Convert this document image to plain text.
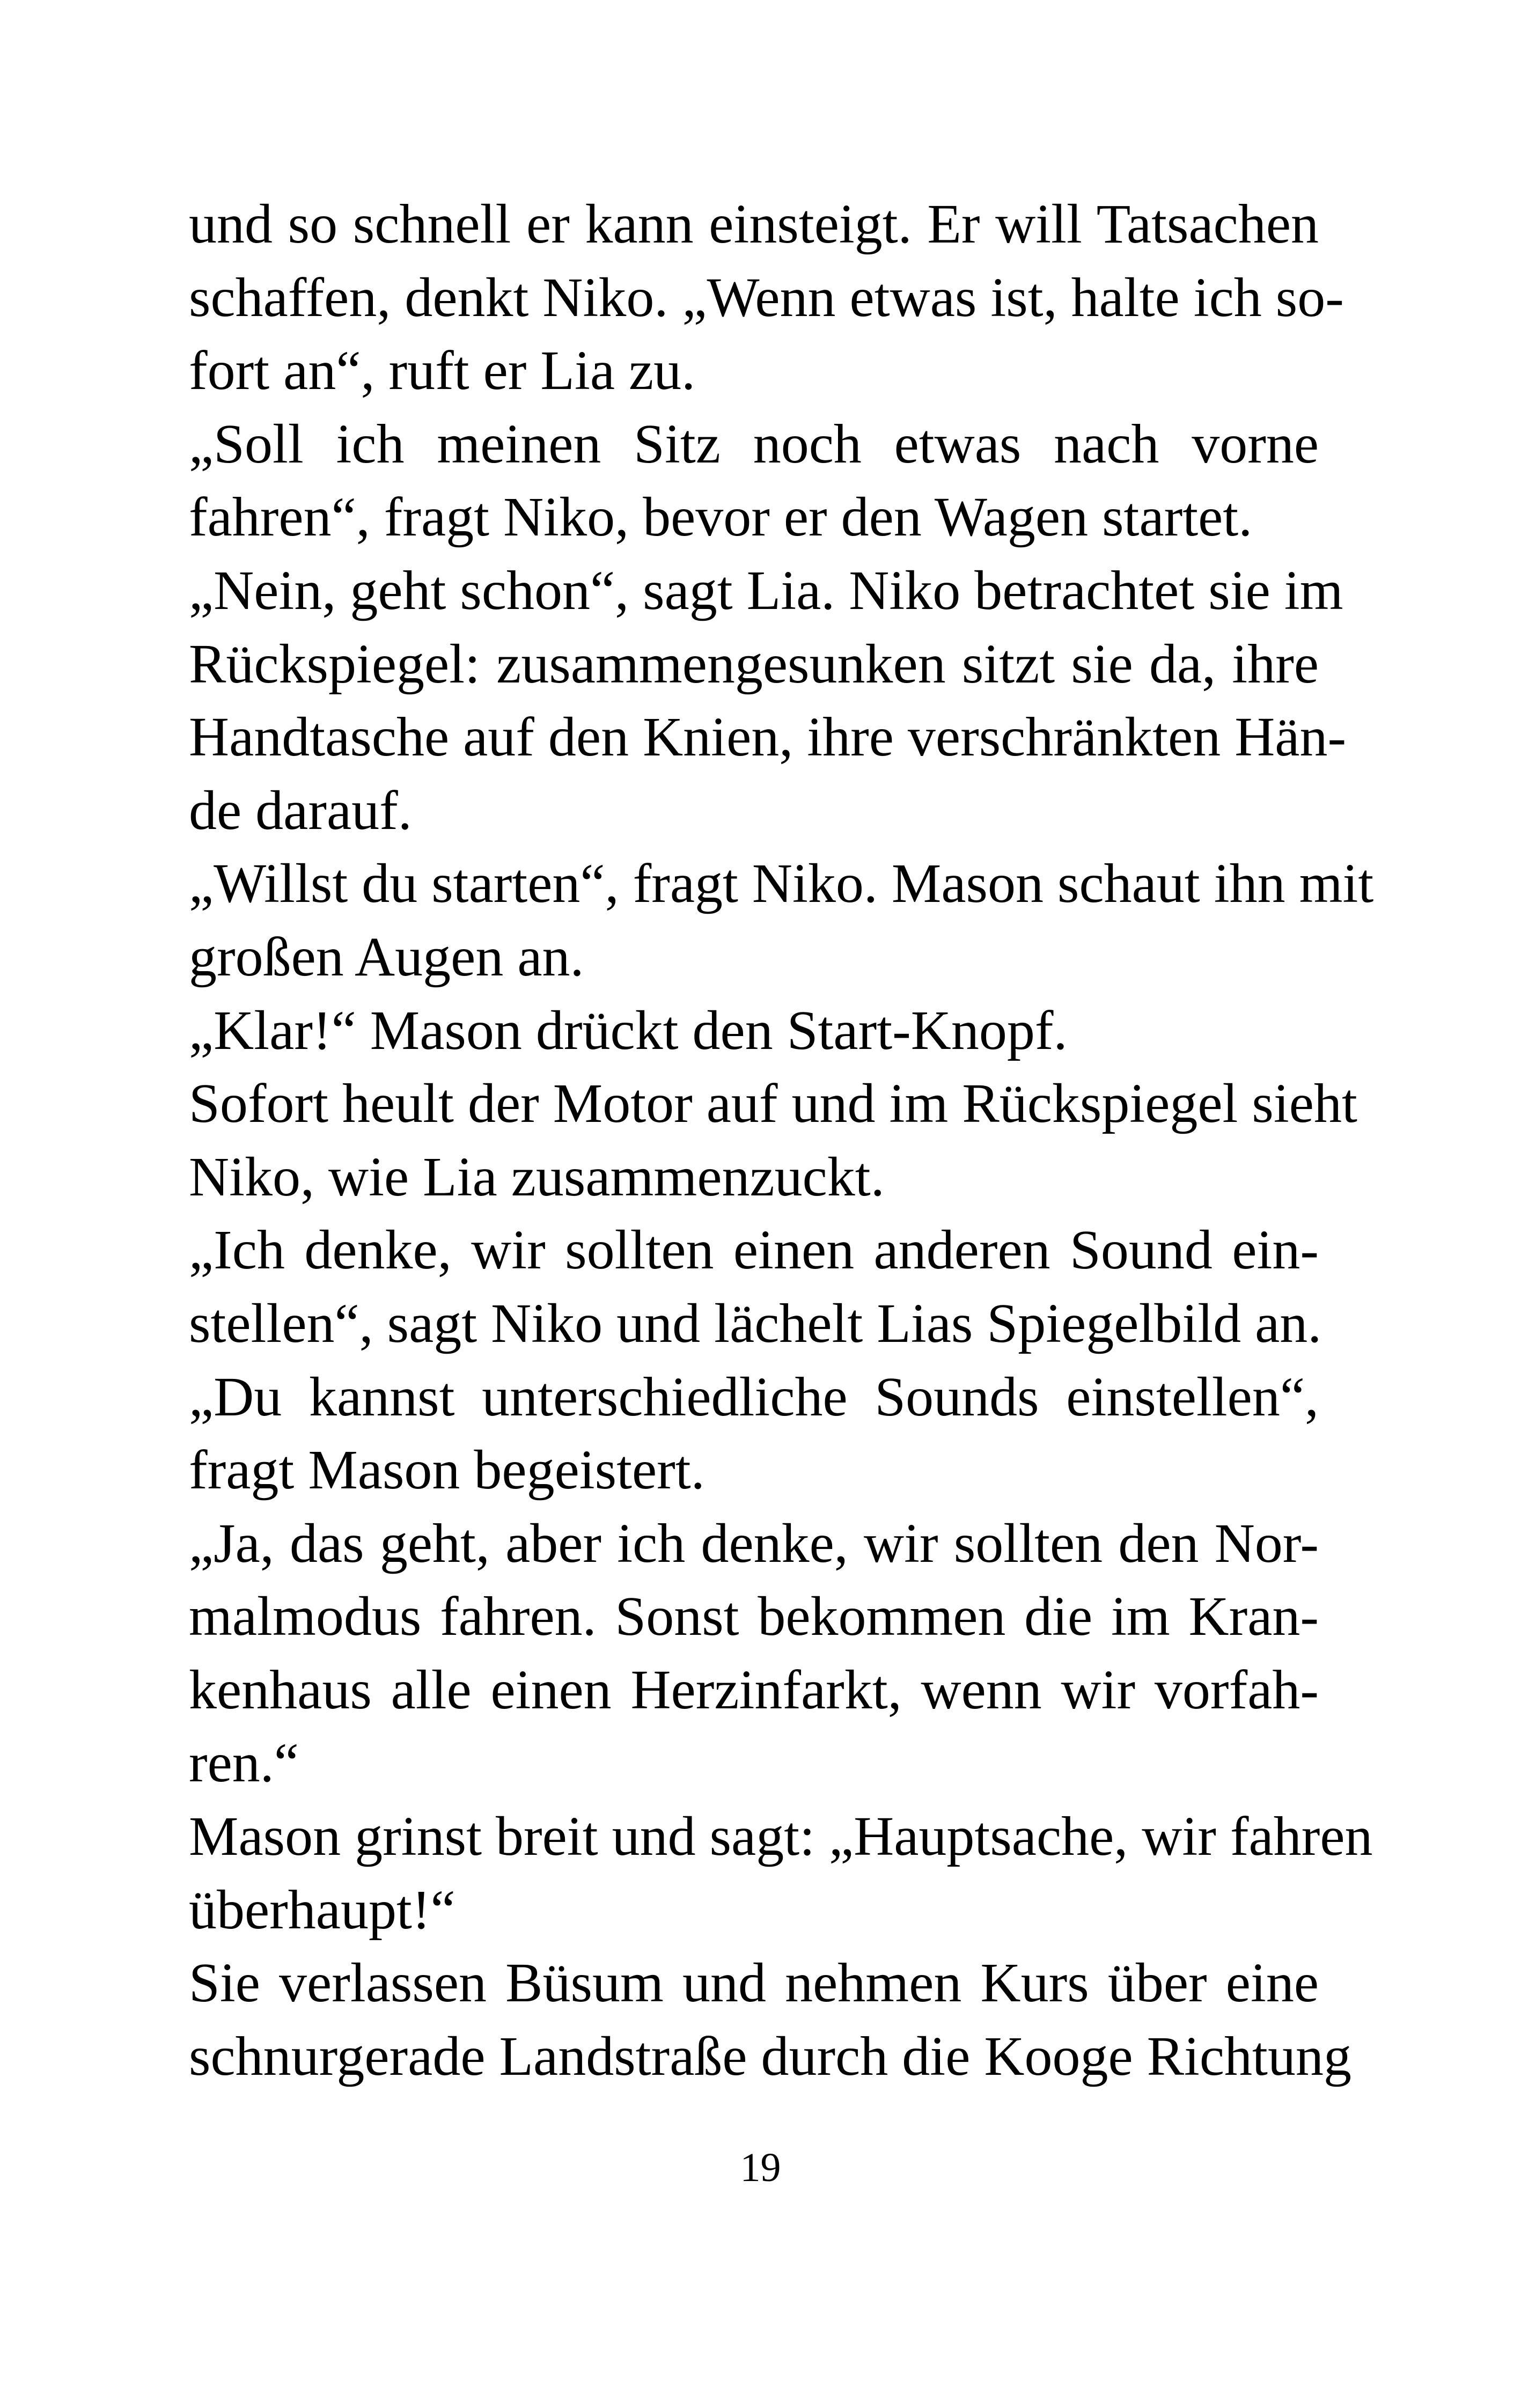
und so schnell er kann einsteigt. Er will Tatsachen
schaffen, denkt Niko. „Wenn etwas ist, halte ich so-
fort an“, ruft er Lia zu.
„Soll ich meinen Sitz noch etwas nach vorne
fahren“, fragt Niko, bevor er den Wagen startet.
„Nein, geht schon“, sagt Lia. Niko betrachtet sie im
Rückspiegel: zusammengesunken sitzt sie da, ihre
Handtasche auf den Knien, ihre verschränkten Hän-
de darauf.
„Willst du starten“, fragt Niko. Mason schaut ihn mit
großen Augen an.
„Klar!“ Mason drückt den Start-Knopf.
Sofort heult der Motor auf und im Rückspiegel sieht
Niko, wie Lia zusammenzuckt.
„Ich denke, wir sollten einen anderen Sound ein-
stellen“, sagt Niko und lächelt Lias Spiegelbild an.
„Du kannst unterschiedliche Sounds einstellen“,
fragt Mason begeistert.
„Ja, das geht, aber ich denke, wir sollten den Nor-
malmodus fahren. Sonst bekommen die im Kran-
kenhaus alle einen Herzinfarkt, wenn wir vorfah-
ren.“
Mason grinst breit und sagt: „Hauptsache, wir fahren
überhaupt!“
Sie verlassen Büsum und nehmen Kurs über eine
schnurgerade Landstraße durch die Kooge Richtung
19
